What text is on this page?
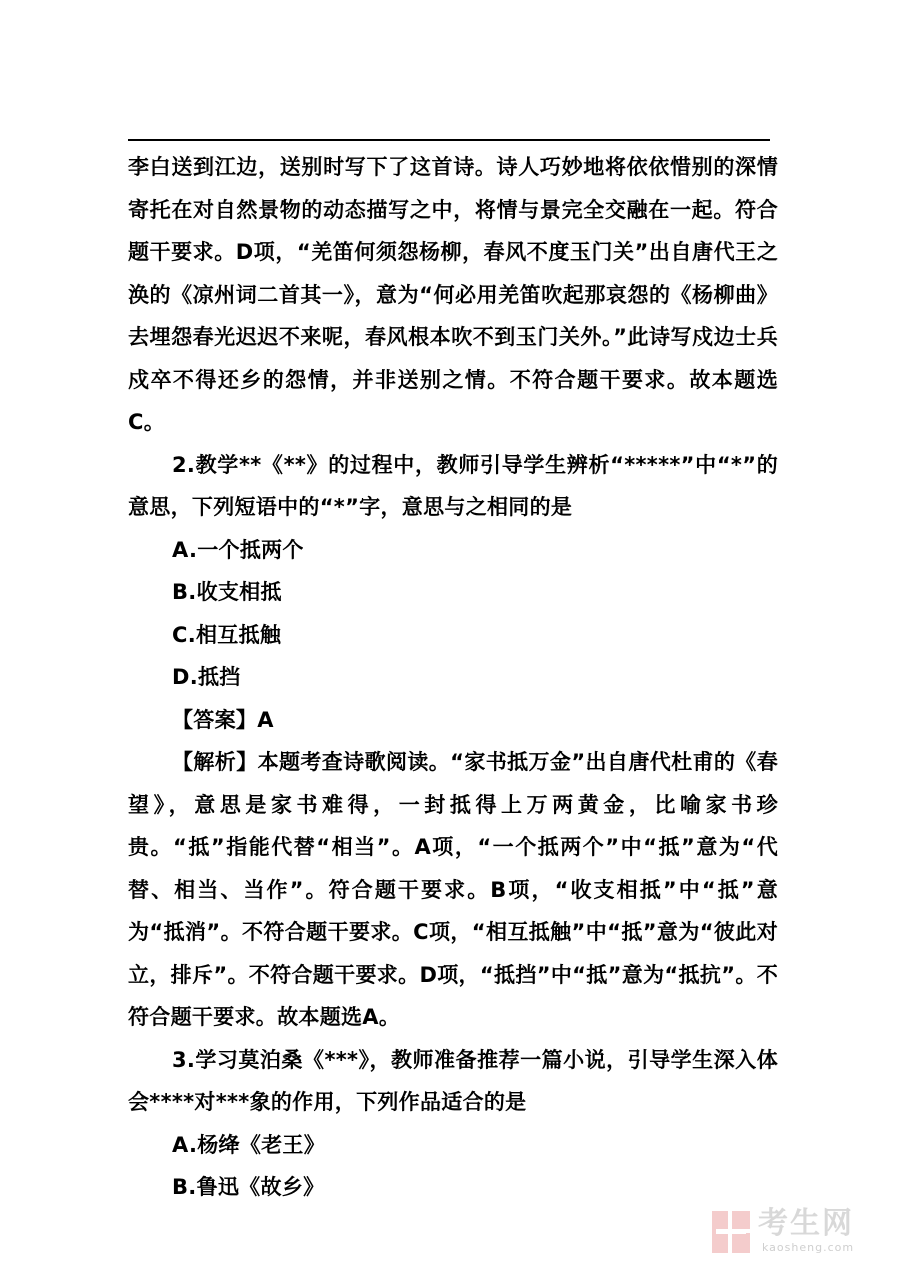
李白送到江边，送别时写下了这首诗。诗人巧妙地将依依惜别的深情寄托在对自然景物的动态描写之中，将情与景完全交融在一起。符合题干要求。D项，“羌笛何须怨杨柳，春风不度玉门关”出自唐代王之涣的《凉州词二首其一》，意为“何必用羌笛吹起那哀怨的《杨柳曲》去埋怨春光迟迟不来呢，春风根本吹不到玉门关外。”此诗写戍边士兵戍卒不得还乡的怨情，并非送别之情。不符合题干要求。故本题选C。

2.教学**《**》的过程中，教师引导学生辨析“*****”中“*”的意思，下列短语中的“*”字，意思与之相同的是

A.一个抵两个

B.收支相抵

C.相互抵触

D.抵挡

【答案】A

【解析】本题考查诗歌阅读。“家书抵万金”出自唐代杜甫的《春望》，意思是家书难得，一封抵得上万两黄金，比喻家书珍贵。“抵”指能代替“相当”。A项，“一个抵两个”中“抵”意为“代替、相当、当作”。符合题干要求。B项，“收支相抵”中“抵”意为“抵消”。不符合题干要求。C项，“相互抵触”中“抵”意为“彼此对立，排斥”。不符合题干要求。D项，“抵挡”中“抵”意为“抵抗”。不符合题干要求。故本题选A。

3.学习莫泊桑《***》，教师准备推荐一篇小说，引导学生深入体会****对***象的作用，下列作品适合的是

A.杨绛《老王》

B.鲁迅《故乡》

考生网
kaosheng.com
